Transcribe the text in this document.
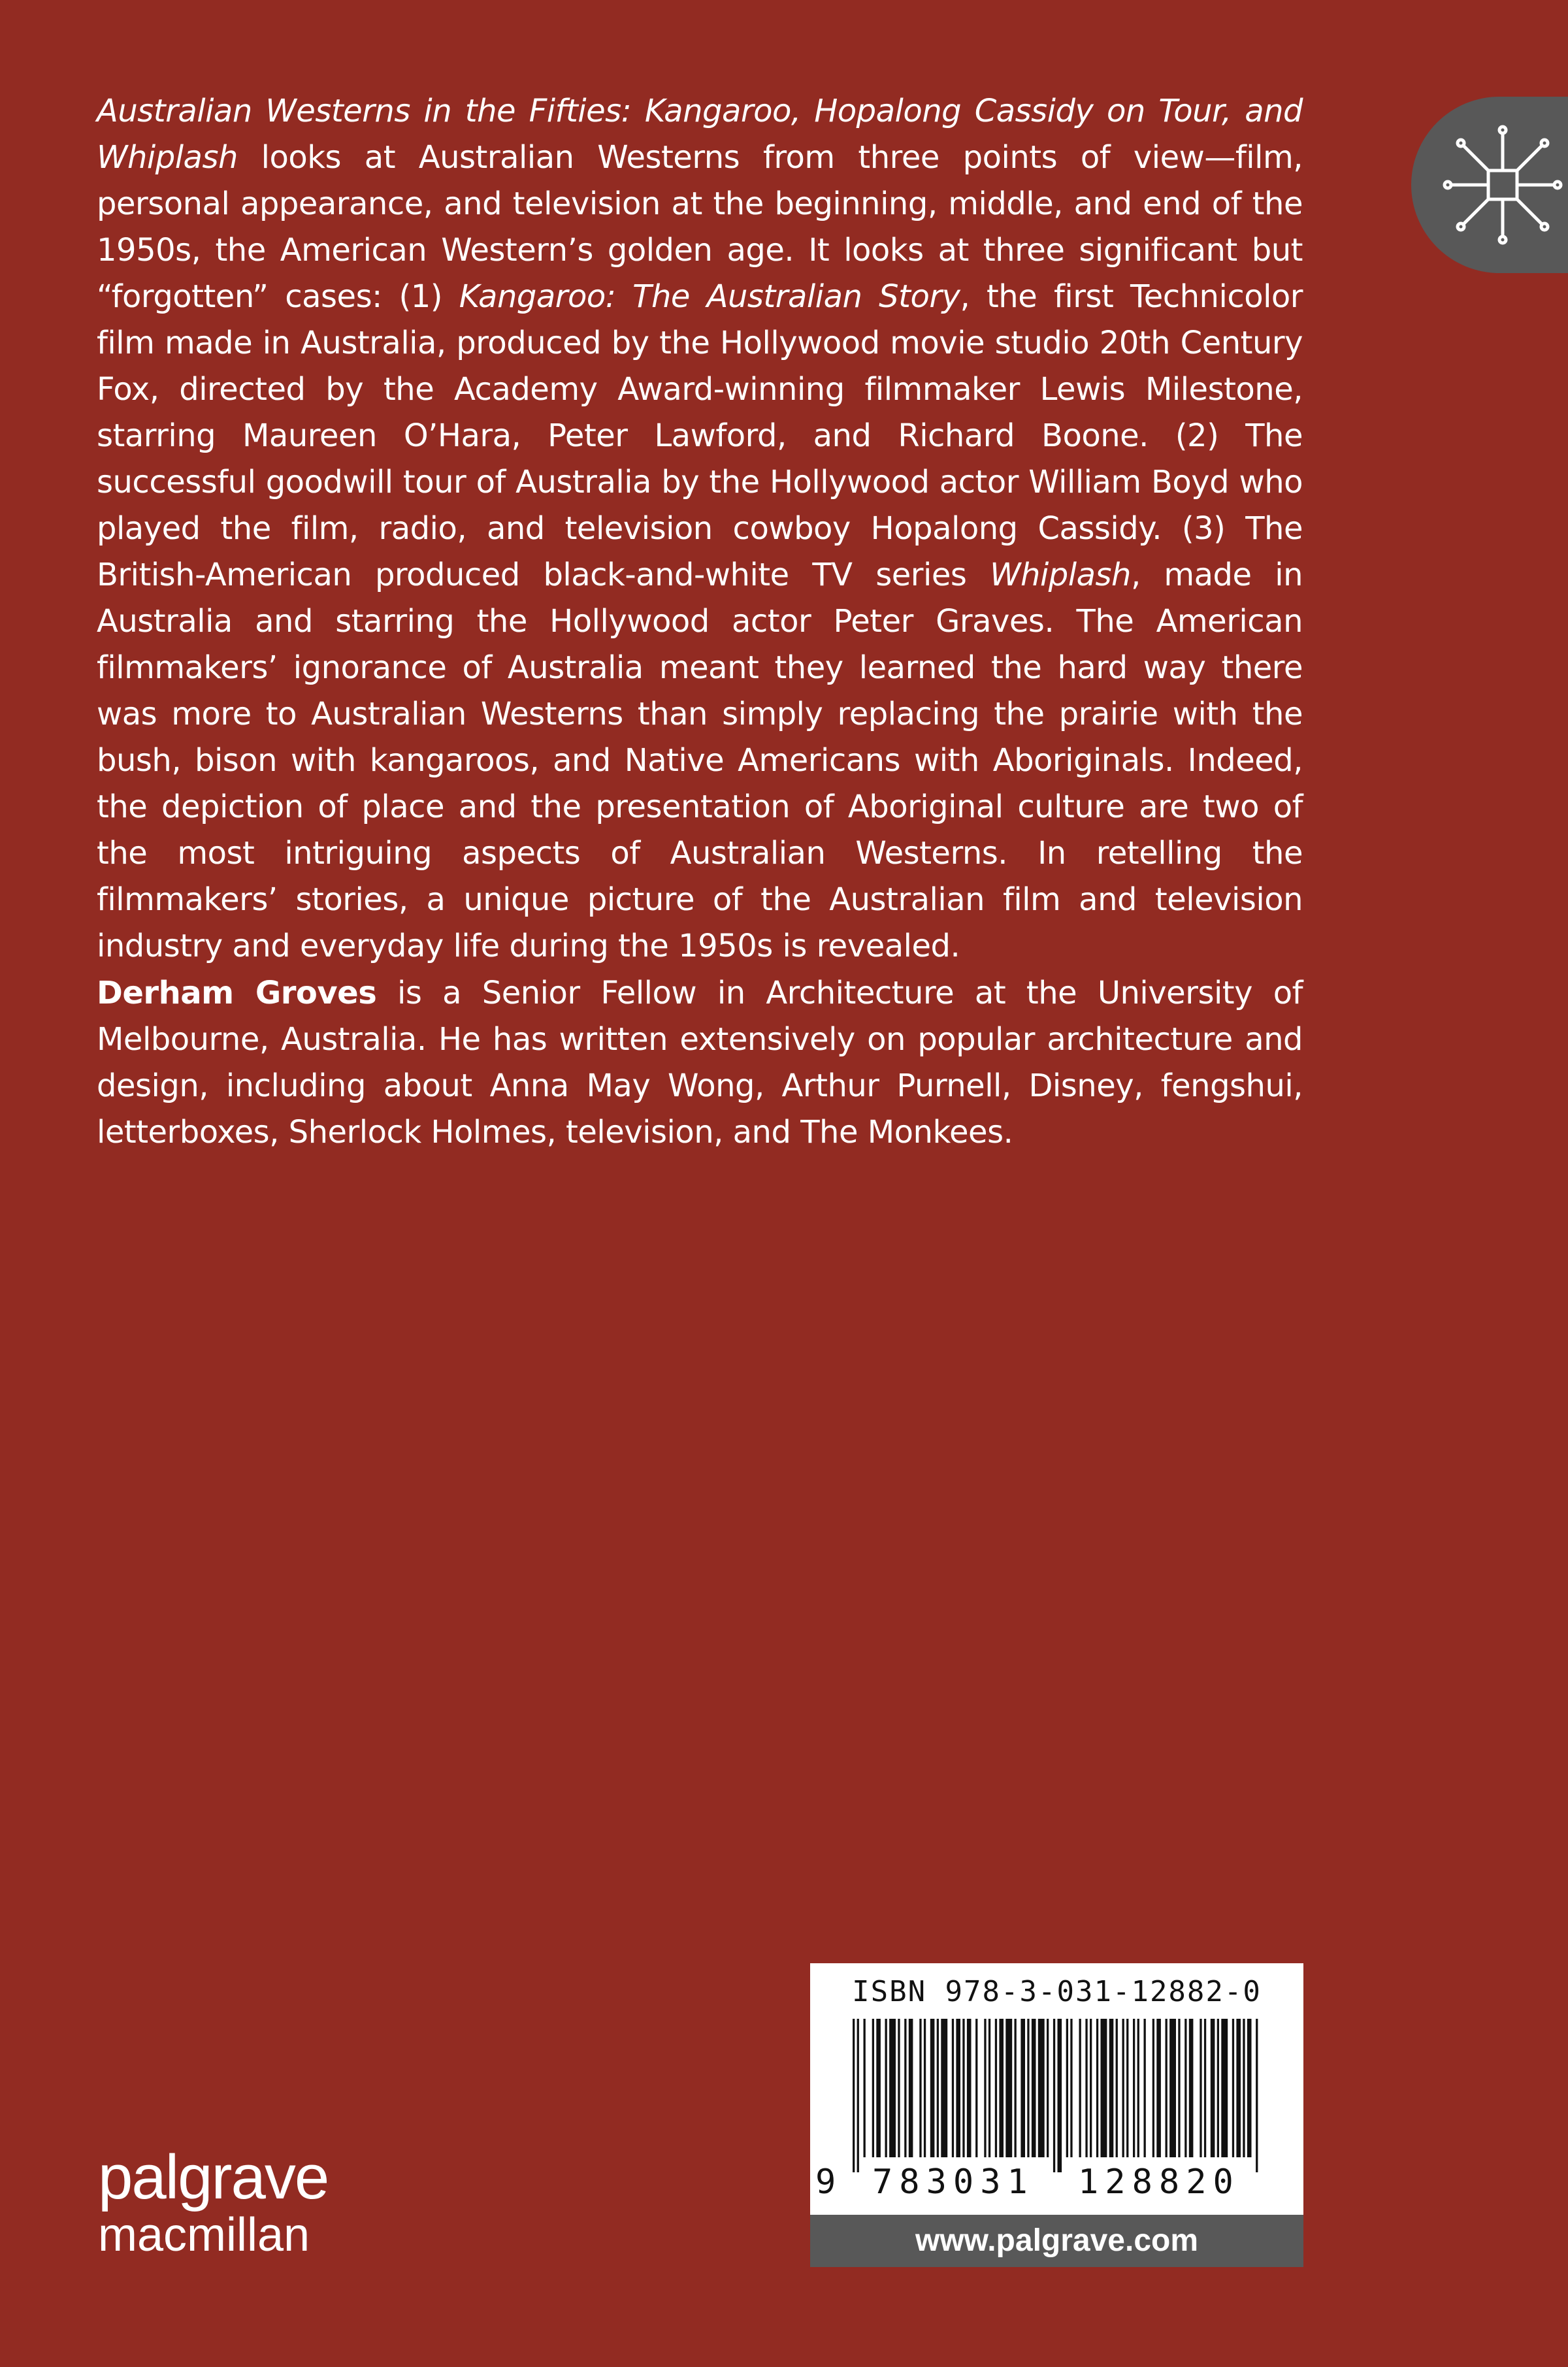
Australian Westerns in the Fifties: Kangaroo, Hopalong Cassidy on Tour, and Whiplash looks at Australian Westerns from three points of view—film, personal appearance, and television at the beginning, middle, and end of the 1950s, the American Western’s golden age. It looks at three significant but “forgotten” cases: (1) Kangaroo: The Australian Story, the first Technicolor film made in Australia, produced by the Hollywood movie studio 20th Century Fox, directed by the Academy Award-winning filmmaker Lewis Milestone, starring Maureen O’Hara, Peter Lawford, and Richard Boone. (2) The successful goodwill tour of Australia by the Hollywood actor William Boyd who played the film, radio, and television cowboy Hopalong Cassidy. (3) The British-American produced black-and-white TV series Whiplash, made in Australia and starring the Hollywood actor Peter Graves. The American filmmakers’ ignorance of Australia meant they learned the hard way there was more to Australian Westerns than simply replacing the prairie with the bush, bison with kangaroos, and Native Americans with Aboriginals. Indeed, the depiction of place and the presentation of Aboriginal culture are two of the most intriguing aspects of Australian Westerns. In retelling the filmmakers’ stories, a unique picture of the Australian film and television industry and everyday life during the 1950s is revealed.

Derham Groves is a Senior Fellow in Architecture at the University of Melbourne, Australia. He has written extensively on popular architecture and design, including about Anna May Wong, Arthur Purnell, Disney, fengshui, letterboxes, Sherlock Holmes, television, and The Monkees.

ISBN 978-3-031-12882-0
9 783031 128820
www.palgrave.com
palgrave
macmillan
